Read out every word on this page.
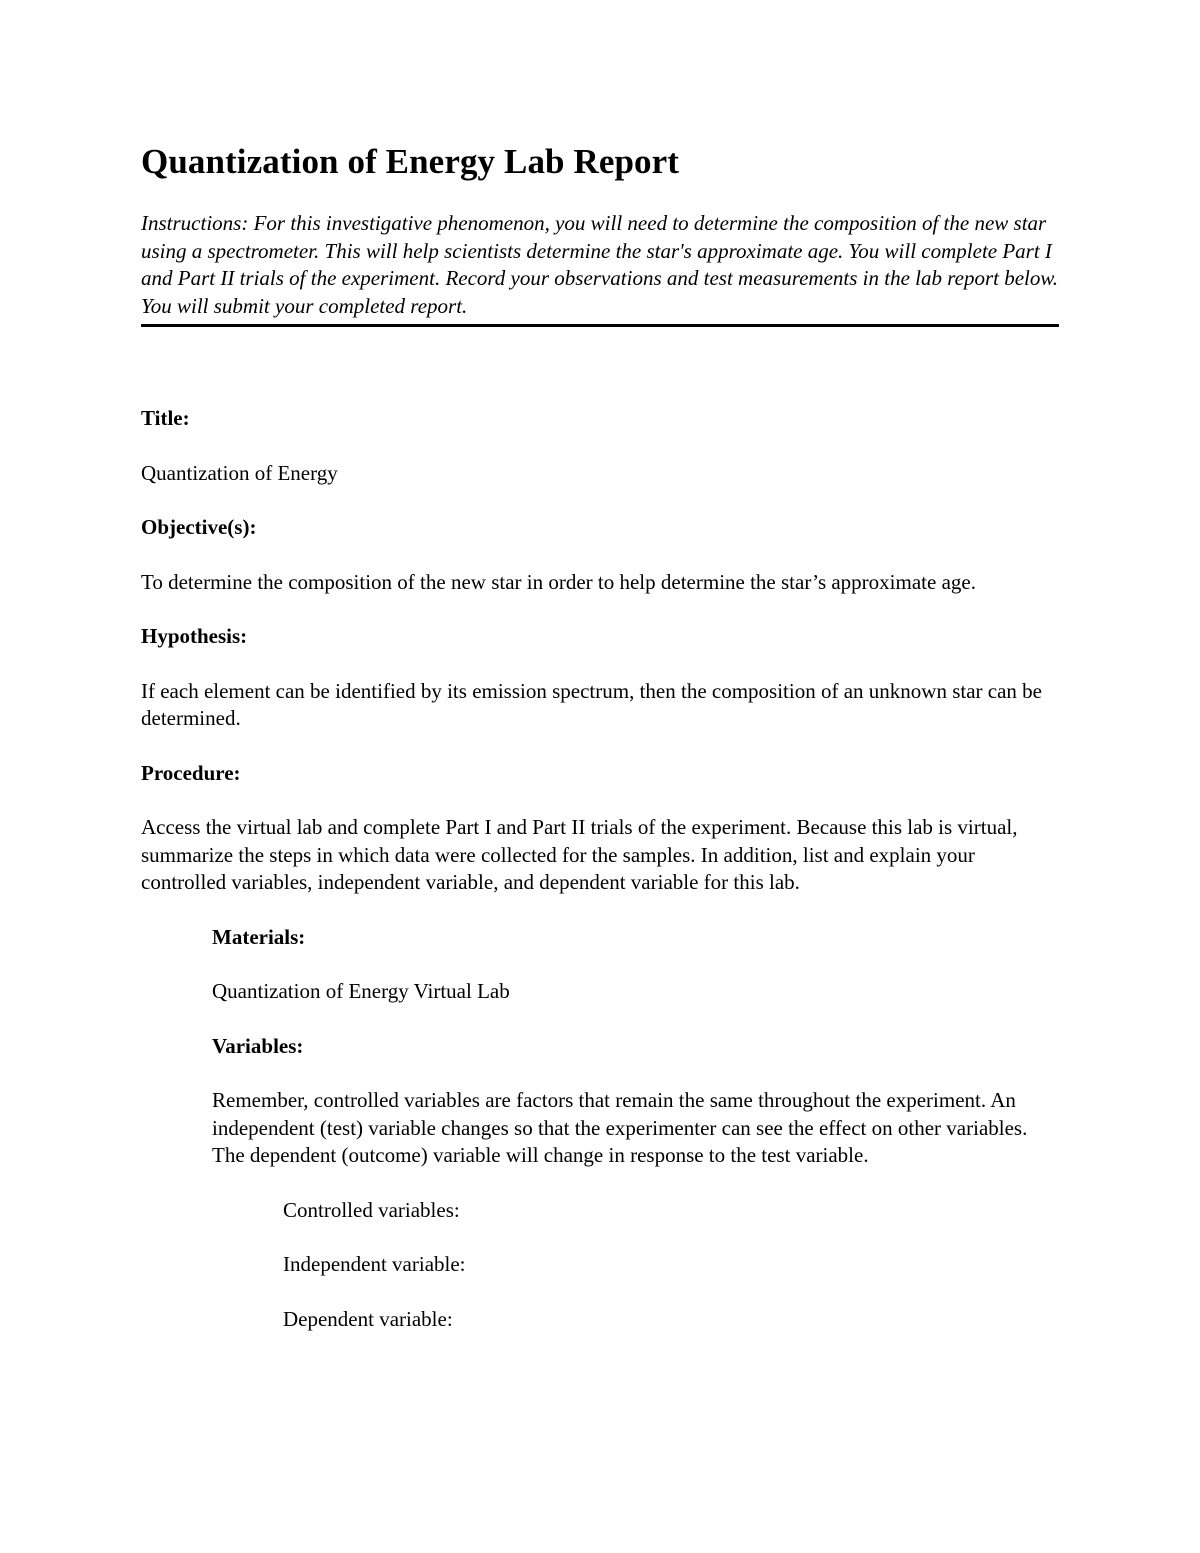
Quantization of Energy Lab Report
Instructions: For this investigative phenomenon, you will need to determine the composition of the new star using a spectrometer. This will help scientists determine the star's approximate age. You will complete Part I and Part II trials of the experiment. Record your observations and test measurements in the lab report below. You will submit your completed report.
Title:

Quantization of Energy

Objective(s):

To determine the composition of the new star in order to help determine the star’s approximate age.

Hypothesis:

If each element can be identified by its emission spectrum, then the composition of an unknown star can be determined.

Procedure:

Access the virtual lab and complete Part I and Part II trials of the experiment. Because this lab is virtual, summarize the steps in which data were collected for the samples. In addition, list and explain your controlled variables, independent variable, and dependent variable for this lab.

Materials:

Quantization of Energy Virtual Lab

Variables:

Remember, controlled variables are factors that remain the same throughout the experiment. An independent (test) variable changes so that the experimenter can see the effect on other variables. The dependent (outcome) variable will change in response to the test variable.

Controlled variables:

Independent variable:

Dependent variable:
